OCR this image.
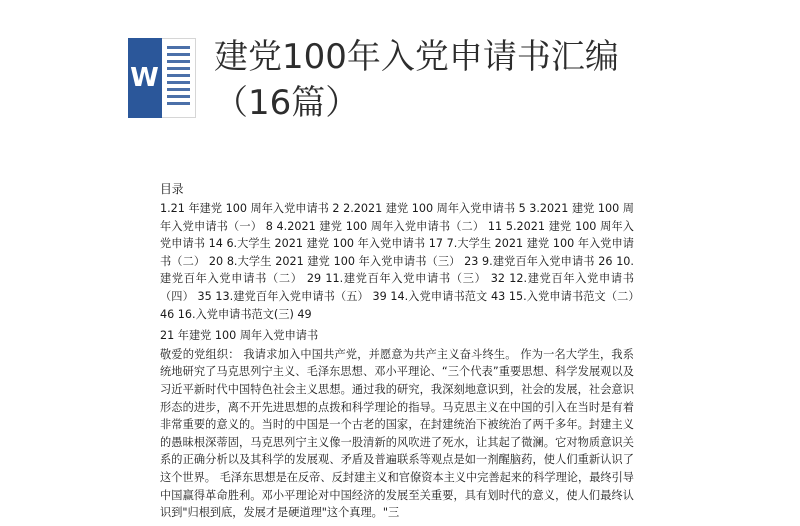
W
建党100年入党申请书汇编（16篇）
目录
1.21 年建党 100 周年入党申请书 2 2.2021 建党 100 周年入党申请书 5 3.2021 建党 100 周年入党申请书（一） 8 4.2021 建党 100 周年入党申请书（二） 11 5.2021 建党 100 周年入党申请书 14 6.大学生 2021 建党 100 年入党申请书 17 7.大学生 2021 建党 100 年入党申请书（二） 20 8.大学生 2021 建党 100 年入党申请书（三） 23 9.建党百年入党申请书 26 10.建党百年入党申请书（二） 29 11.建党百年入党申请书（三） 32 12.建党百年入党申请书（四） 35 13.建党百年入党申请书（五） 39 14.入党申请书范文 43 15.入党申请书范文（二）46 16.入党申请书范文(三) 49
21 年建党 100 周年入党申请书
敬爱的党组织： 我请求加入中国共产党，并愿意为共产主义奋斗终生。 作为一名大学生，我系统地研究了马克思列宁主义、毛泽东思想、邓小平理论、“三个代表”重要思想、科学发展观以及习近平新时代中国特色社会主义思想。通过我的研究，我深刻地意识到，社会的发展，社会意识形态的进步，离不开先进思想的点拨和科学理论的指导。马克思主义在中国的引入在当时是有着非常重要的意义的。当时的中国是一个古老的国家，在封建统治下被统治了两千多年。封建主义的愚昧根深蒂固，马克思列宁主义像一股清新的风吹进了死水，让其起了微澜。它对物质意识关系的正确分析以及其科学的发展观、矛盾及普遍联系等观点是如一剂醒脑药，使人们重新认识了这个世界。 毛泽东思想是在反帝、反封建主义和官僚资本主义中完善起来的科学理论，最终引导中国赢得革命胜利。邓小平理论对中国经济的发展至关重要，具有划时代的意义，使人们最终认识到"归根到底，发展才是硬道理"这个真理。"三
